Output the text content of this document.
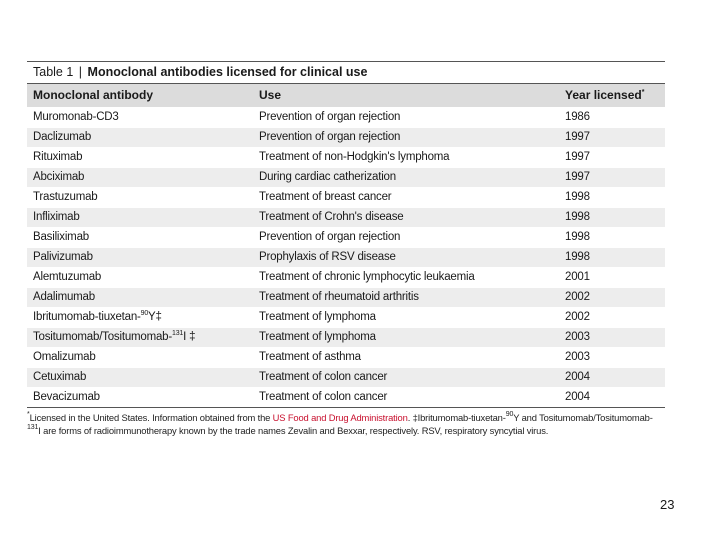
Table 1 | Monoclonal antibodies licensed for clinical use
Monoclonal antibody	Use	Year licensed*
Muromonab-CD3	Prevention of organ rejection	1986
Daclizumab	Prevention of organ rejection	1997
Rituximab	Treatment of non-Hodgkin's lymphoma	1997
Abciximab	During cardiac catherization	1997
Trastuzumab	Treatment of breast cancer	1998
Infliximab	Treatment of Crohn's disease	1998
Basiliximab	Prevention of organ rejection	1998
Palivizumab	Prophylaxis of RSV disease	1998
Alemtuzumab	Treatment of chronic lymphocytic leukaemia	2001
Adalimumab	Treatment of rheumatoid arthritis	2002
Ibritumomab-tiuxetan-$^{90}$Y‡	Treatment of lymphoma	2002
Tositumomab/Tositumomab-$^{131}$I ‡	Treatment of lymphoma	2003
Omalizumab	Treatment of asthma	2003
Cetuximab	Treatment of colon cancer	2004
Bevacizumab	Treatment of colon cancer	2004
*Licensed in the United States. Information obtained from the US Food and Drug Administration. ‡Ibritumomab-tiuxetan-$^{90}$Y and Tositumomab/Tositumomab-$^{131}$I are forms of radioimmunotherapy known by the trade names Zevalin and Bexxar, respectively. RSV, respiratory syncytial virus.
23
